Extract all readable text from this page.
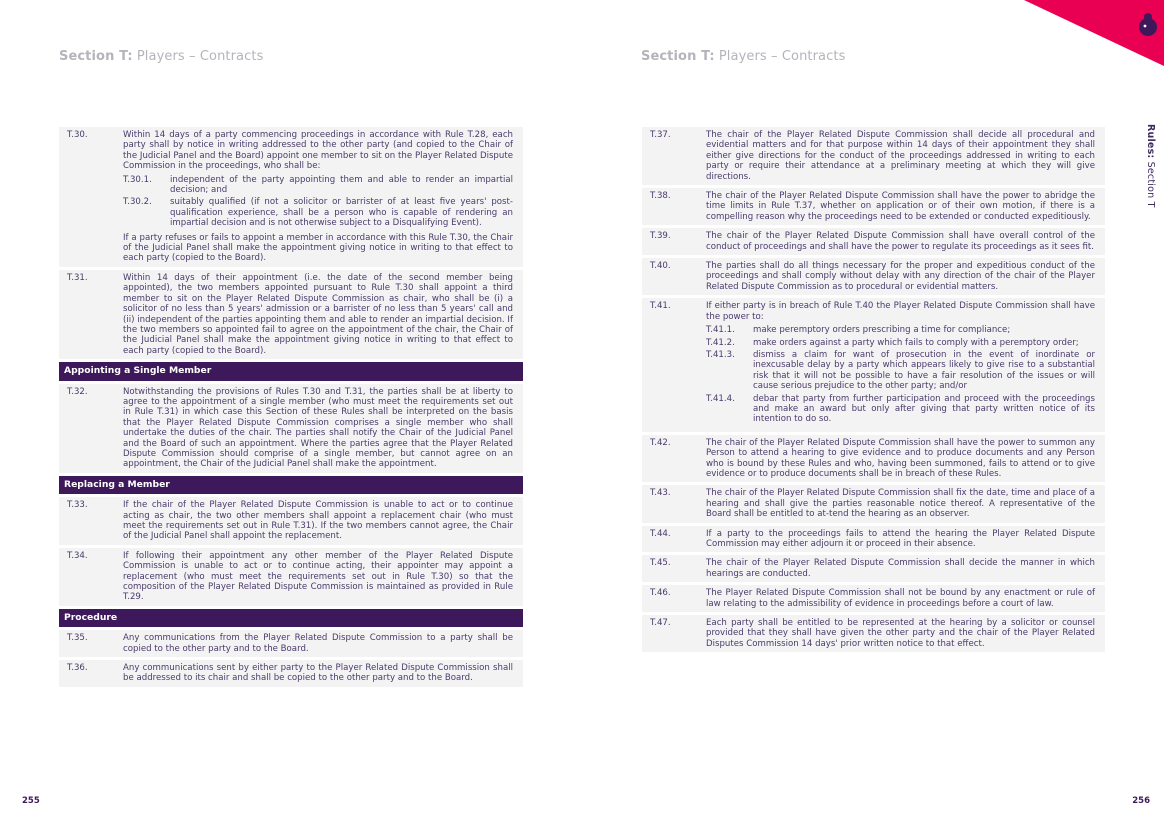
Section T: Players – Contracts	Section T: Players – Contracts
Rules: Section T
T.30.	Within 14 days of a party commencing proceedings in accordance with Rule T.28, each party shall by notice in writing addressed to the other party (and copied to the Chair of the Judicial Panel and the Board) appoint one member to sit on the Player Related Dispute Commission in the proceedings, who shall be:

T.30.1.	independent of the party appointing them and able to render an impartial decision; and
T.30.2.	suitably qualified (if not a solicitor or barrister of at least five years' post-qualification experience, shall be a person who is capable of rendering an impartial decision and is not otherwise subject to a Disqualifying Event).

If a party refuses or fails to appoint a member in accordance with this Rule T.30, the Chair of the Judicial Panel shall make the appointment giving notice in writing to that effect to each party (copied to the Board).

T.31.	Within 14 days of their appointment (i.e. the date of the second member being appointed), the two members appointed pursuant to Rule T.30 shall appoint a third member to sit on the Player Related Dispute Commission as chair, who shall be (i) a solicitor of no less than 5 years' admission or a barrister of no less than 5 years' call and (ii) independent of the parties appointing them and able to render an impartial decision. If the two members so appointed fail to agree on the appointment of the chair, the Chair of the Judicial Panel shall make the appointment giving notice in writing to that effect to each party (copied to the Board).

Appointing a Single Member
T.32.	Notwithstanding the provisions of Rules T.30 and T.31, the parties shall be at liberty to agree to the appointment of a single member (who must meet the requirements set out in Rule T.31) in which case this Section of these Rules shall be interpreted on the basis that the Player Related Dispute Commission comprises a single member who shall undertake the duties of the chair. The parties shall notify the Chair of the Judicial Panel and the Board of such an appointment. Where the parties agree that the Player Related Dispute Commission should comprise of a single member, but cannot agree on an appointment, the Chair of the Judicial Panel shall make the appointment.

Replacing a Member
T.33.	If the chair of the Player Related Dispute Commission is unable to act or to continue acting as chair, the two other members shall appoint a replacement chair (who must meet the requirements set out in Rule T.31). If the two members cannot agree, the Chair of the Judicial Panel shall appoint the replacement.

T.34.	If following their appointment any other member of the Player Related Dispute Commission is unable to act or to continue acting, their appointer may appoint a replacement (who must meet the requirements set out in Rule T.30) so that the composition of the Player Related Dispute Commission is maintained as provided in Rule T.29.

Procedure
T.35.	Any communications from the Player Related Dispute Commission to a party shall be copied to the other party and to the Board.

T.36.	Any communications sent by either party to the Player Related Dispute Commission shall be addressed to its chair and shall be copied to the other party and to the Board.

T.37.	The chair of the Player Related Dispute Commission shall decide all procedural and evidential matters and for that purpose within 14 days of their appointment they shall either give directions for the conduct of the proceedings addressed in writing to each party or require their attendance at a preliminary meeting at which they will give directions.

T.38.	The chair of the Player Related Dispute Commission shall have the power to abridge the time limits in Rule T.37, whether on application or of their own motion, if there is a compelling reason why the proceedings need to be extended or conducted expeditiously.

T.39.	The chair of the Player Related Dispute Commission shall have overall control of the conduct of proceedings and shall have the power to regulate its proceedings as it sees fit.

T.40.	The parties shall do all things necessary for the proper and expeditious conduct of the proceedings and shall comply without delay with any direction of the chair of the Player Related Dispute Commission as to procedural or evidential matters.

T.41.	If either party is in breach of Rule T.40 the Player Related Dispute Commission shall have the power to:

T.41.1.	make peremptory orders prescribing a time for compliance;
T.41.2.	make orders against a party which fails to comply with a peremptory order;
T.41.3.	dismiss a claim for want of prosecution in the event of inordinate or inexcusable delay by a party which appears likely to give rise to a substantial risk that it will not be possible to have a fair resolution of the issues or will cause serious prejudice to the other party; and/or
T.41.4.	debar that party from further participation and proceed with the proceedings and make an award but only after giving that party written notice of its intention to do so.
T.42.	The chair of the Player Related Dispute Commission shall have the power to summon any Person to attend a hearing to give evidence and to produce documents and any Person who is bound by these Rules and who, having been summoned, fails to attend or to give evidence or to produce documents shall be in breach of these Rules.

T.43.	The chair of the Player Related Dispute Commission shall fix the date, time and place of a hearing and shall give the parties reasonable notice thereof. A representative of the Board shall be entitled to at-tend the hearing as an observer.

T.44.	If a party to the proceedings fails to attend the hearing the Player Related Dispute Commission may either adjourn it or proceed in their absence.

T.45.	The chair of the Player Related Dispute Commission shall decide the manner in which hearings are conducted.

T.46.	The Player Related Dispute Commission shall not be bound by any enactment or rule of law relating to the admissibility of evidence in proceedings before a court of law.

T.47.	Each party shall be entitled to be represented at the hearing by a solicitor or counsel provided that they shall have given the other party and the chair of the Player Related Disputes Commission 14 days' prior written notice to that effect.

255	256
